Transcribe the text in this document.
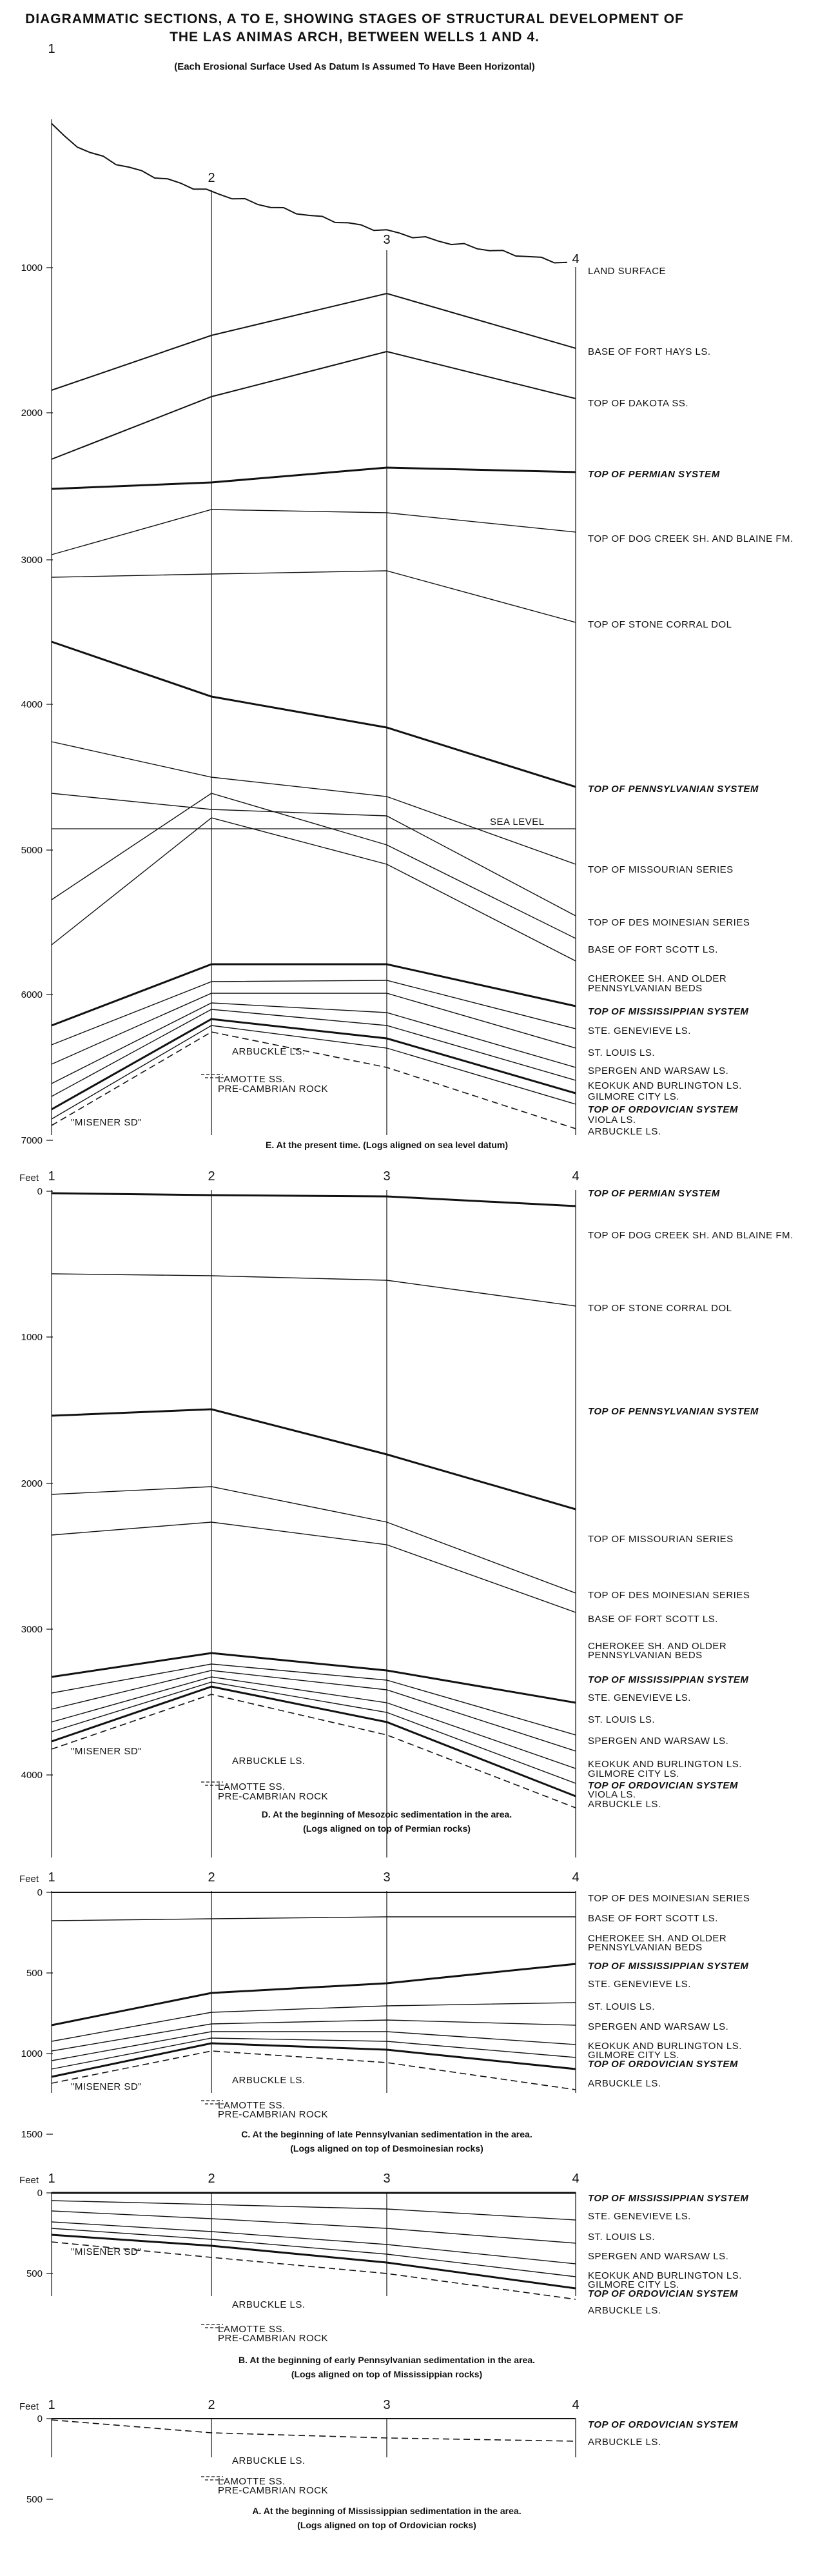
DIAGRAMMATIC SECTIONS, A TO E, SHOWING STAGES OF STRUCTURAL DEVELOPMENT OF
THE LAS ANIMAS ARCH, BETWEEN WELLS 1 AND 4.
(Each Erosional Surface Used As Datum Is Assumed To Have Been Horizontal)
1000
2000
3000
4000
5000
6000
7000
1
2
3
4
SEA LEVEL
LAND SURFACE
BASE OF FORT HAYS LS.
TOP OF DAKOTA SS.
TOP OF PERMIAN SYSTEM
TOP OF DOG CREEK SH. AND BLAINE FM.
TOP OF STONE CORRAL DOL
TOP OF PENNSYLVANIAN SYSTEM
TOP OF MISSOURIAN SERIES
TOP OF DES MOINESIAN SERIES
BASE OF FORT SCOTT LS.
CHEROKEE SH. AND OLDER
PENNSYLVANIAN BEDS
TOP OF MISSISSIPPIAN SYSTEM
STE. GENEVIEVE LS.
ST. LOUIS LS.
SPERGEN AND WARSAW LS.
KEOKUK AND BURLINGTON LS.
GILMORE CITY LS.
TOP OF ORDOVICIAN SYSTEM
VIOLA LS.
ARBUCKLE LS.
ARBUCKLE LS.
LAMOTTE SS.
PRE-CAMBRIAN ROCK
"MISENER SD"
E. At the present time. (Logs aligned on sea level datum)
Feet
0
1000
2000
3000
4000
1	2	3	4
TOP OF PERMIAN SYSTEM
TOP OF DOG CREEK SH. AND BLAINE FM.
TOP OF STONE CORRAL DOL
TOP OF PENNSYLVANIAN SYSTEM
TOP OF MISSOURIAN SERIES
TOP OF DES MOINESIAN SERIES
BASE OF FORT SCOTT LS.
CHEROKEE SH. AND OLDER
PENNSYLVANIAN BEDS
TOP OF MISSISSIPPIAN SYSTEM
STE. GENEVIEVE LS.
ST. LOUIS LS.
SPERGEN AND WARSAW LS.
KEOKUK AND BURLINGTON LS.
GILMORE CITY LS.
TOP OF ORDOVICIAN SYSTEM
VIOLA LS.
ARBUCKLE LS.
ARBUCKLE LS.
LAMOTTE SS.
PRE-CAMBRIAN ROCK
"MISENER SD"
D. At the beginning of Mesozoic sedimentation in the area.
(Logs aligned on top of Permian rocks)
Feet
0
500
1000
1500
1	2	3	4
TOP OF DES MOINESIAN SERIES
BASE OF FORT SCOTT LS.
CHEROKEE SH. AND OLDER
PENNSYLVANIAN BEDS
TOP OF MISSISSIPPIAN SYSTEM
STE. GENEVIEVE LS.
ST. LOUIS LS.
SPERGEN AND WARSAW LS.
KEOKUK AND BURLINGTON LS.
GILMORE CITY LS.
TOP OF ORDOVICIAN SYSTEM
ARBUCKLE LS.
ARBUCKLE LS.
LAMOTTE SS.
PRE-CAMBRIAN ROCK
"MISENER SD"
C. At the beginning of late Pennsylvanian sedimentation in the area.
(Logs aligned on top of Desmoinesian rocks)
Feet
0
500
1	2	3	4
TOP OF MISSISSIPPIAN SYSTEM
STE. GENEVIEVE LS.
ST. LOUIS LS.
SPERGEN AND WARSAW LS.
KEOKUK AND BURLINGTON LS.
GILMORE CITY LS.
TOP OF ORDOVICIAN SYSTEM
ARBUCKLE LS.
ARBUCKLE LS.
LAMOTTE SS.
PRE-CAMBRIAN ROCK
"MISENER SD"
B. At the beginning of early Pennsylvanian sedimentation in the area.
(Logs aligned on top of Mississippian rocks)
Feet
0
500
1	2	3	4
TOP OF ORDOVICIAN SYSTEM
ARBUCKLE LS.
ARBUCKLE LS.
LAMOTTE SS.
PRE-CAMBRIAN ROCK
A. At the beginning of Mississippian sedimentation in the area.
(Logs aligned on top of Ordovician rocks)
